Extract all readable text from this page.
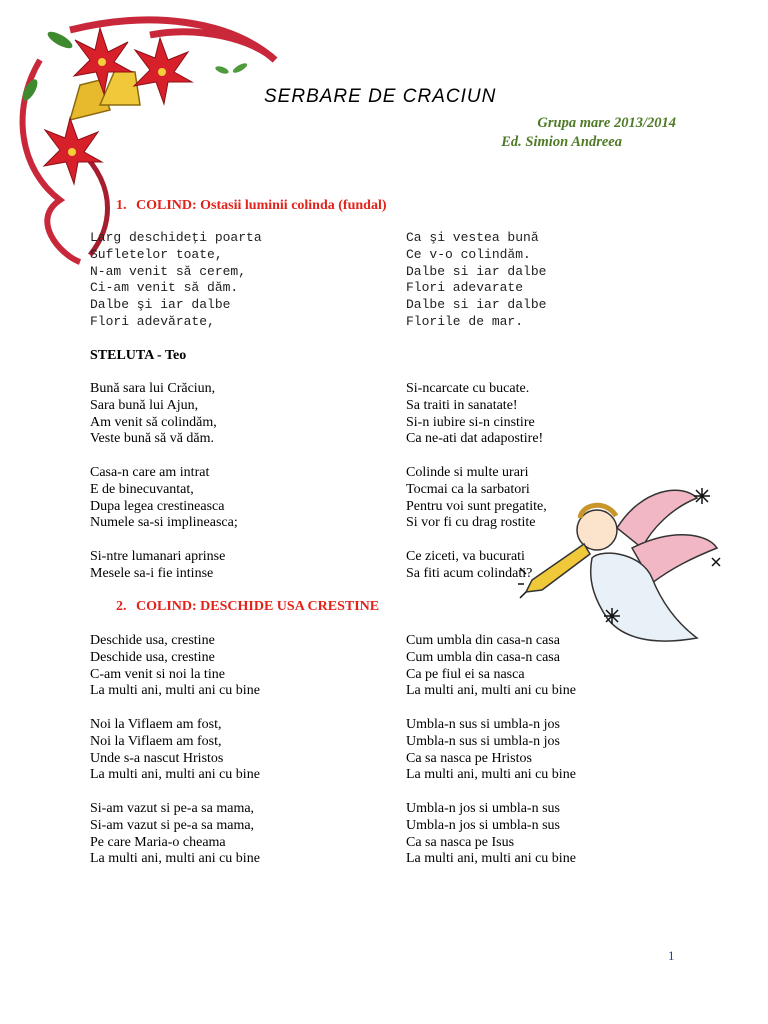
SERBARE DE CRACIUN
Grupa mare 2013/2014
Ed. Simion Andreea
1. COLIND: Ostasii luminii colinda (fundal)
Larg deschideţi poarta
Sufletelor toate,
N-am venit să cerem,
Ci-am venit să dăm.
Dalbe şi iar dalbe
Flori adevărate,
Ca şi vestea bună
Ce v-o colindăm.
Dalbe si iar dalbe
Flori adevarate
Dalbe si iar dalbe
Florile de mar.
STELUTA - Teo
Bună sara lui Crăciun,
Sara bună lui Ajun,
Am venit să colindăm,
Veste bună să vă dăm.
Si-ncarcate cu bucate.
Sa traiti in sanatate!
Si-n iubire si-n cinstire
Ca ne-ati dat adapostire!
Casa-n care am intrat
E de binecuvantat,
Dupa legea crestineasca
Numele sa-si implineasca;
Colinde si multe urari
Tocmai ca la sarbatori
Pentru voi sunt pregatite,
Si vor fi cu drag rostite
Si-ntre lumanari aprinse
Mesele sa-i fie intinse
Ce ziceti, va bucurati
Sa fiti acum colindati?
2. COLIND: DESCHIDE USA CRESTINE
Deschide usa, crestine
Deschide usa, crestine
C-am venit si noi la tine
La multi ani, multi ani cu bine
Cum umbla din casa-n casa
Cum umbla din casa-n casa
Ca pe fiul ei sa nasca
La multi ani, multi ani cu bine
Noi la Viflaem am fost,
Noi la Viflaem am fost,
Unde s-a nascut Hristos
La multi ani, multi ani cu bine
Umbla-n sus si umbla-n jos
Umbla-n sus si umbla-n jos
Ca sa nasca pe Hristos
La multi ani, multi ani cu bine
Si-am vazut si pe-a sa mama,
Si-am vazut si pe-a sa mama,
Pe care Maria-o cheama
La multi ani, multi ani cu bine
Umbla-n jos si umbla-n sus
Umbla-n jos si umbla-n sus
Ca sa nasca pe Isus
La multi ani, multi ani cu bine
1
